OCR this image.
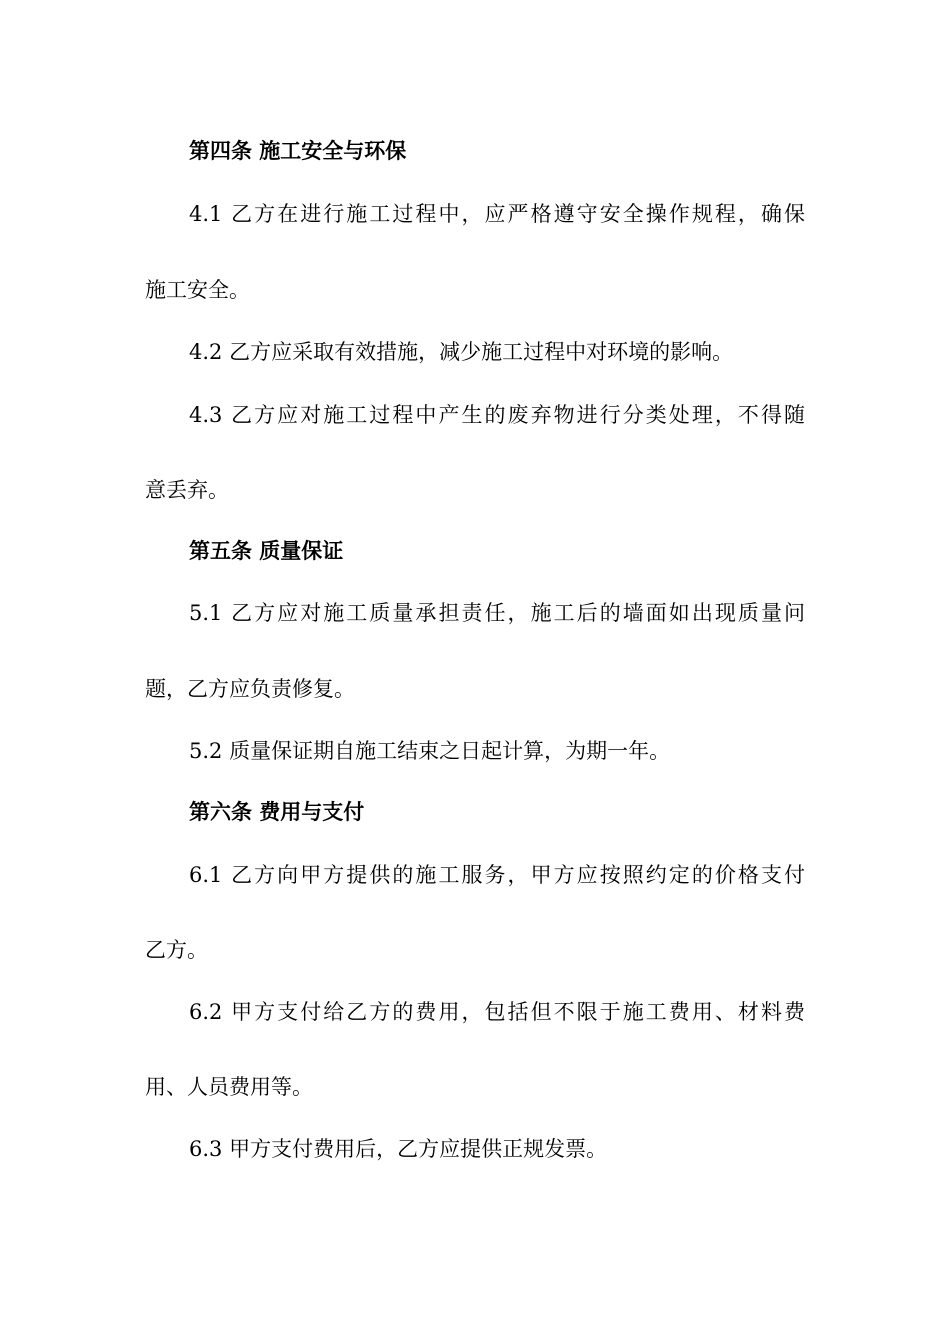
第四条 施工安全与环保
4.1 乙方在进行施工过程中，应严格遵守安全操作规程，确保
施工安全。
4.2 乙方应采取有效措施，减少施工过程中对环境的影响。
4.3 乙方应对施工过程中产生的废弃物进行分类处理，不得随
意丢弃。
第五条 质量保证
5.1 乙方应对施工质量承担责任，施工后的墙面如出现质量问
题，乙方应负责修复。
5.2 质量保证期自施工结束之日起计算，为期一年。
第六条 费用与支付
6.1 乙方向甲方提供的施工服务，甲方应按照约定的价格支付
乙方。
6.2 甲方支付给乙方的费用，包括但不限于施工费用、材料费
用、人员费用等。
6.3 甲方支付费用后，乙方应提供正规发票。
